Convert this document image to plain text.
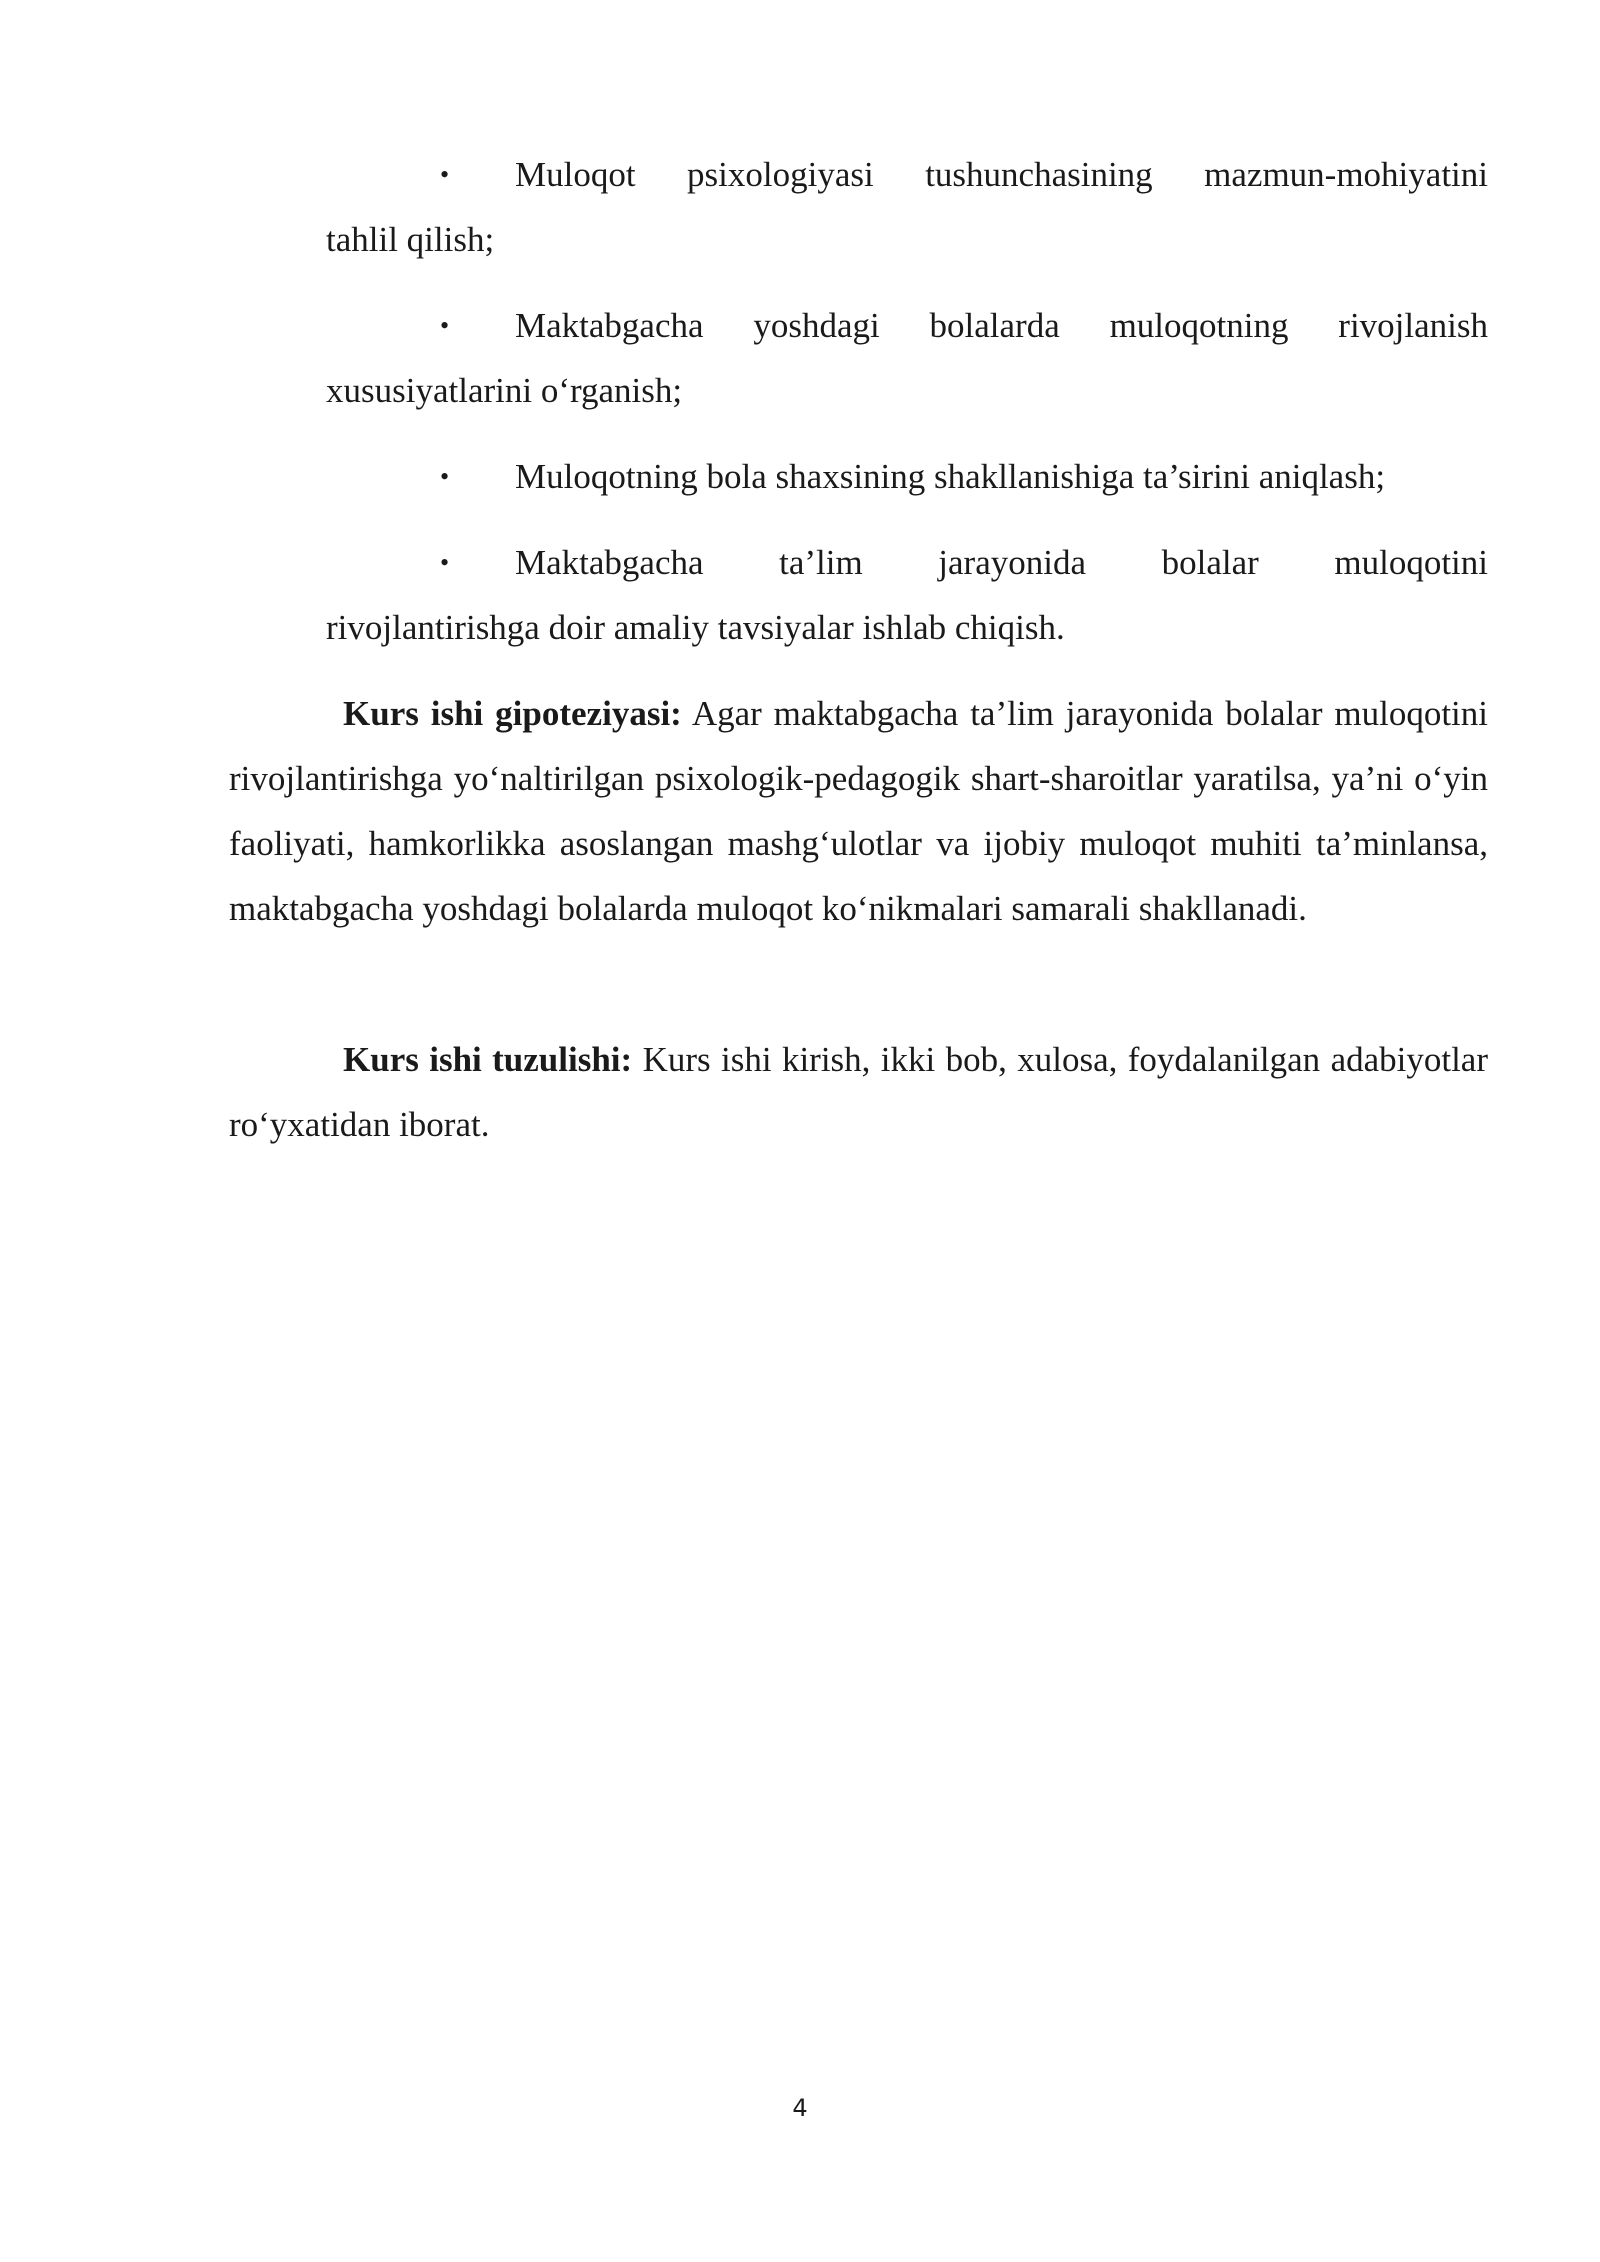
• Muloqot psixologiyasi tushunchasining mazmun-mohiyatini
tahlil qilish;
• Maktabgacha yoshdagi bolalarda muloqotning rivojlanish
xususiyatlarini o‘rganish;
• Muloqotning bola shaxsining shakllanishiga ta’sirini aniqlash;
• Maktabgacha ta’lim jarayonida bolalar muloqotini
rivojlantirishga doir amaliy tavsiyalar ishlab chiqish.

Kurs ishi gipoteziyasi: Agar maktabgacha ta’lim jarayonida bolalar muloqotini rivojlantirishga yo‘naltirilgan psixologik-pedagogik shart-sharoitlar yaratilsa, ya’ni o‘yin faoliyati, hamkorlikka asoslangan mashg‘ulotlar va ijobiy muloqot muhiti ta’minlansa, maktabgacha yoshdagi bolalarda muloqot ko‘nikmalari samarali shakllanadi.

Kurs ishi tuzulishi: Kurs ishi kirish, ikki bob, xulosa, foydalanilgan adabiyotlar ro‘yxatidan iborat.

4
